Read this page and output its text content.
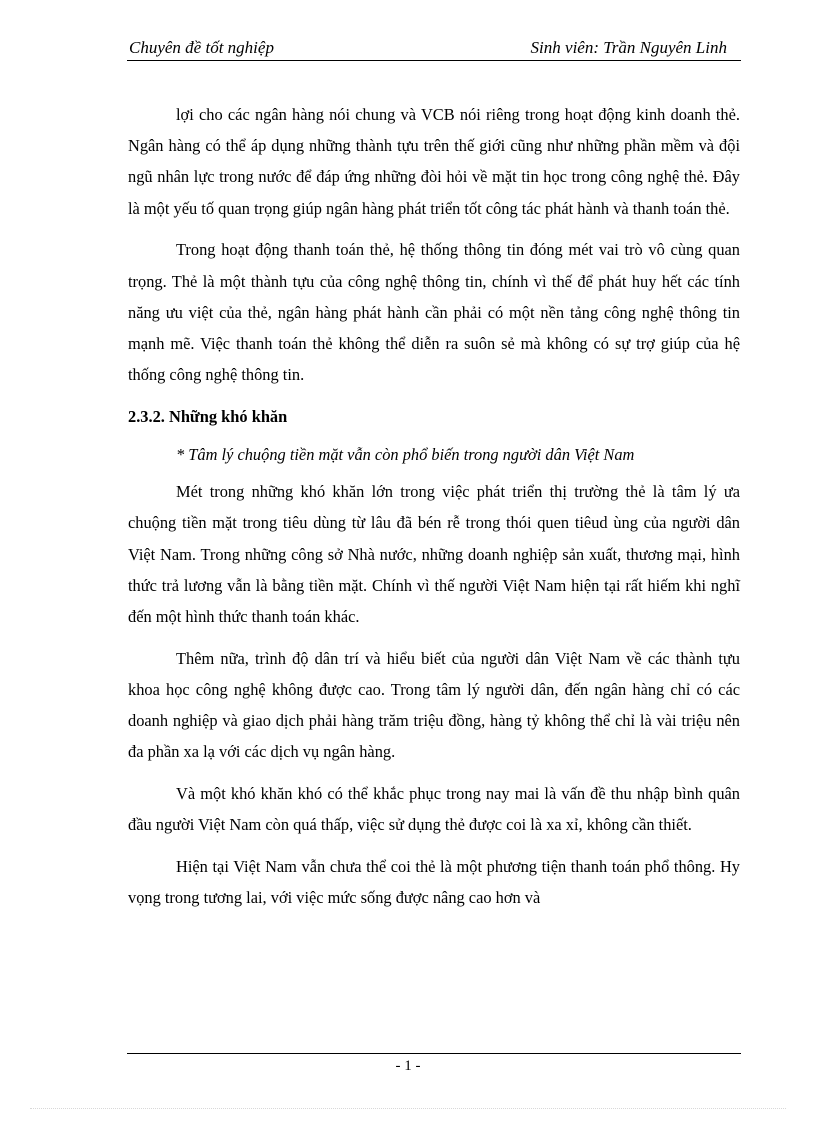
Chuyên đề tốt nghiệp	Sinh viên: Trần Nguyên Linh

lợi cho các ngân hàng nói chung và VCB nói riêng trong hoạt động kinh doanh thẻ. Ngân hàng có thể áp dụng những thành tựu trên thế giới cũng như những phần mềm và đội ngũ nhân lực trong nước để đáp ứng những đòi hỏi về mặt tin học trong công nghệ thẻ. Đây là một yếu tố quan trọng giúp ngân hàng phát triển tốt công tác phát hành và thanh toán thẻ.

Trong hoạt động thanh toán thẻ, hệ thống thông tin đóng mét vai trò vô cùng quan trọng. Thẻ là một thành tựu của công nghệ thông tin, chính vì thế để phát huy hết các tính năng ưu việt của thẻ, ngân hàng phát hành cần phải có một nền tảng công nghệ thông tin mạnh mẽ. Việc thanh toán thẻ không thể diễn ra suôn sẻ mà không có sự trợ giúp của hệ thống công nghệ thông tin.

2.3.2. Những khó khăn

* Tâm lý chuộng tiền mặt vẫn còn phổ biến trong người dân Việt Nam

Mét trong những khó khăn lớn trong việc phát triển thị trường thẻ là tâm lý ưa chuộng tiền mặt trong tiêu dùng từ lâu đã bén rễ trong thói quen tiêud ùng của người dân Việt Nam. Trong những công sở Nhà nước, những doanh nghiệp sản xuất, thương mại, hình thức trả lương vẫn là bằng tiền mặt. Chính vì thế người Việt Nam hiện tại rất hiếm khi nghĩ đến một hình thức thanh toán khác.

Thêm nữa, trình độ dân trí và hiểu biết của người dân Việt Nam về các thành tựu khoa học công nghệ không được cao. Trong tâm lý người dân, đến ngân hàng chỉ có các doanh nghiệp và giao dịch phải hàng trăm triệu đồng, hàng tỷ không thể chỉ là vài triệu nên đa phần xa lạ với các dịch vụ ngân hàng.

Và một khó khăn khó có thể khắc phục trong nay mai là vấn đề thu nhập bình quân đầu người Việt Nam còn quá thấp, việc sử dụng thẻ được coi là xa xỉ, không cần thiết.

Hiện tại Việt Nam vẫn chưa thể coi thẻ là một phương tiện thanh toán phổ thông. Hy vọng trong tương lai, với việc mức sống được nâng cao hơn và

- 1 -
